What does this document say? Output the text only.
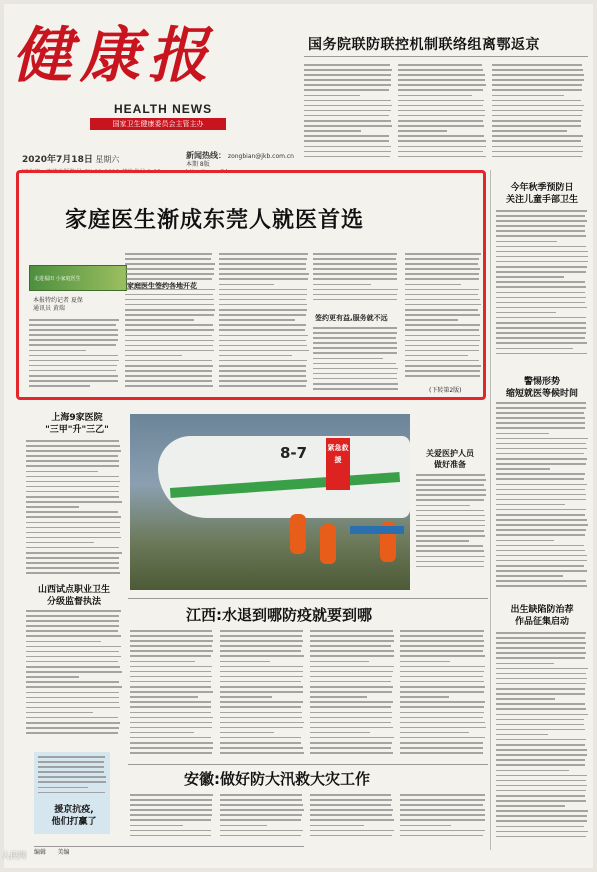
健康报
HEALTH NEWS
国家卫生健康委员会主管主办
2020年7月18日 星期六	新闻热线： zongbian@jkb.com.cn
本期 8版

国务院联防联控机制联络组离鄂返京
家庭医生渐成东莞人就医首选
走进福田 小家庭医生
本报特约记者 夏保
通讯员 黄瑞
家庭医生签约各地开花
签约更有益,服务就不远
(下转第2版)
今年秋季预防日
关注儿童手部卫生
警惕形势
缩短就医等候时间
出生缺陷防治荐
作品征集启动
上海9家医院
"三甲"升"三乙"
山西试点职业卫生
分级监督执法
8-7	紧急救援
关爱医护人员
做好准备
江西:水退到哪防疫就要到哪
安徽:做好防大汛救大灾工作
援京抗疫,
他们打赢了
编辑 美编
人民网
